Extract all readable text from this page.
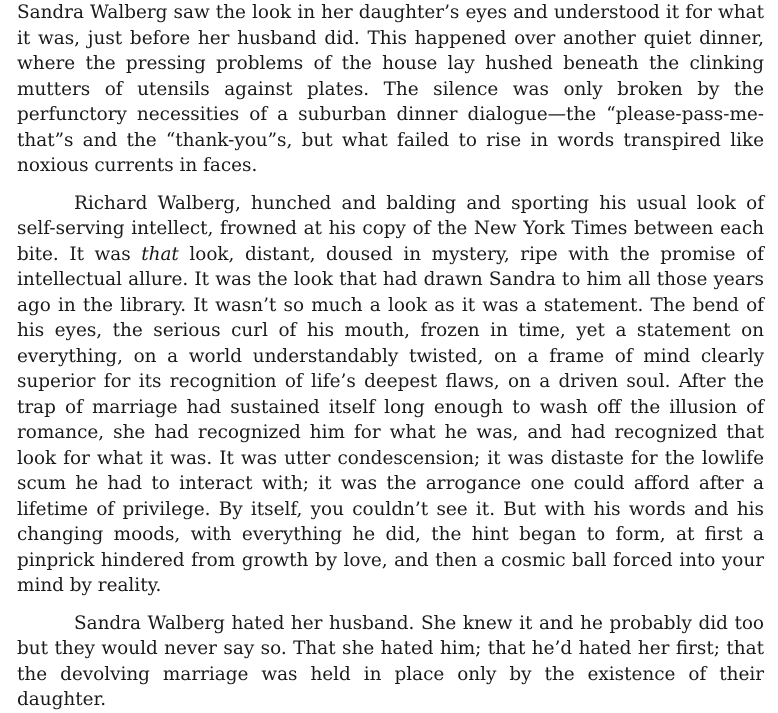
Sandra Walberg saw the look in her daughter’s eyes and understood it for what it was, just before her husband did. This happened over another quiet dinner, where the pressing problems of the house lay hushed beneath the clinking mutters of utensils against plates. The silence was only broken by the perfunctory necessities of a suburban dinner dialogue—the “please-pass-me-that”s and the “thank-you”s, but what failed to rise in words transpired like noxious currents in faces.

Richard Walberg, hunched and balding and sporting his usual look of self-serving intellect, frowned at his copy of the New York Times between each bite. It was that look, distant, doused in mystery, ripe with the promise of intellectual allure. It was the look that had drawn Sandra to him all those years ago in the library. It wasn’t so much a look as it was a statement. The bend of his eyes, the serious curl of his mouth, frozen in time, yet a statement on everything, on a world understandably twisted, on a frame of mind clearly superior for its recognition of life’s deepest flaws, on a driven soul. After the trap of marriage had sustained itself long enough to wash off the illusion of romance, she had recognized him for what he was, and had recognized that look for what it was. It was utter condescension; it was distaste for the lowlife scum he had to interact with; it was the arrogance one could afford after a lifetime of privilege. By itself, you couldn’t see it. But with his words and his changing moods, with everything he did, the hint began to form, at first a pinprick hindered from growth by love, and then a cosmic ball forced into your mind by reality.

Sandra Walberg hated her husband. She knew it and he probably did too but they would never say so. That she hated him; that he’d hated her first; that the devolving marriage was held in place only by the existence of their daughter.
